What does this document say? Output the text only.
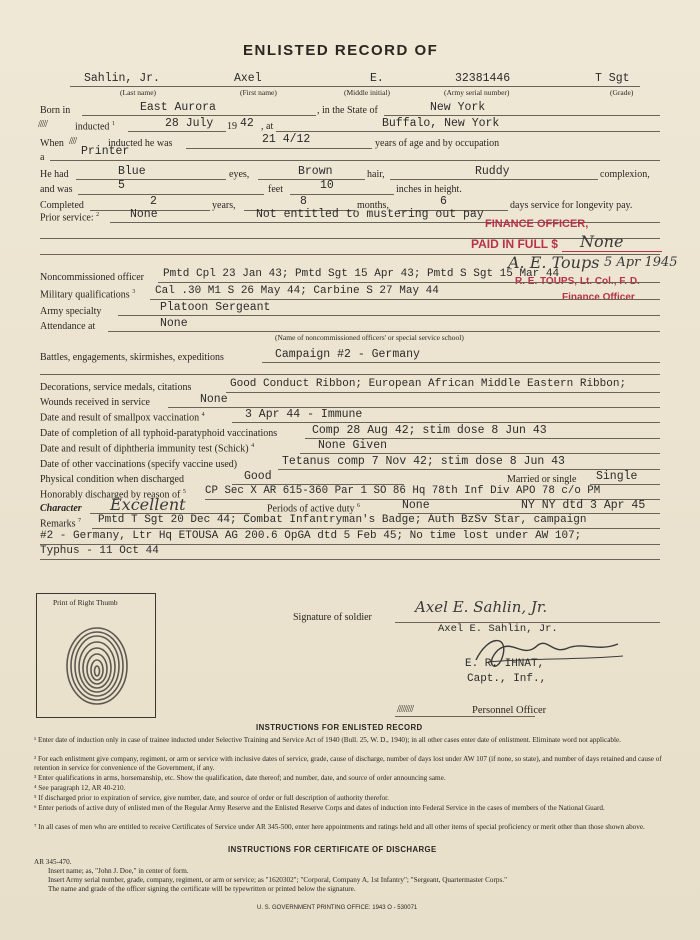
ENLISTED RECORD OF
Sahlin, Jr.	Axel	E.	32381446	T Sgt
(Last name)	(First name)	(Middle initial)	(Army serial number)	(Grade)
Born in	East Aurora	, in the State of	New York
/////	inducted $^1$	28 July 19 42 , at	Buffalo, New York
When ////	inducted he was	21 4/12	years of age and by occupation
a	Printer
He had	Blue	eyes,	Brown	hair,	Ruddy	complexion,
and was	5	feet	10	inches in height.
Completed	2	years,	8	months,	6	days service for longevity pay.
Prior service: $^2$	None	Not entitled to mustering out pay
FINANCE OFFICER,
PAID IN FULL $ None
A. E. Toups 5 Apr 1945
R. E. TOUPS, Lt. Col., F. D.
Finance Officer
Noncommissioned officer Pmtd Cpl 23 Jan 43; Pmtd Sgt 15 Apr 43; Pmtd S Sgt 15 Mar 44
Military qualifications $^3$ Cal .30 M1 S 26 May 44; Carbine S 27 May 44
Army specialty	Platoon Sergeant
Attendance at	None
(Name of noncommissioned officers' or special service school)
Battles, engagements, skirmishes, expeditions	Campaign #2 - Germany
Decorations, service medals, citations	Good Conduct Ribbon; European African Middle Eastern Ribbon;
Wounds received in service	None
Date and result of smallpox vaccination $^4$	3 Apr 44 - Immune
Date of completion of all typhoid-paratyphoid vaccinations	Comp 28 Aug 42; stim dose 8 Jun 43
Date and result of diphtheria immunity test (Schick) $^4$	None Given
Date of other vaccinations (specify vaccine used)	Tetanus comp 7 Nov 42; stim dose 8 Jun 43
Physical condition when discharged	Good	Married or single Single
Honorably discharged by reason of $^5$ CP Sec X AR 615-360 Par 1 SO 86 Hq 78th Inf Div APO 78 c/o PM
Character Excellent	Periods of active duty $^6$	None	NY NY dtd 3 Apr 45
Remarks $^7$ Pmtd T Sgt 20 Dec 44; Combat Infantryman's Badge; Auth BzSv Star, campaign
#2 - Germany, Ltr Hq ETOUSA AG 200.6 OpGA dtd 5 Feb 45; No time lost under AW 107;
Typhus - 11 Oct 44
Print of Right Thumb
Signature of soldier
Axel E. Sahlin, Jr.
Axel E. Sahlin, Jr.
E. R. IHNAT,
Capt., Inf.,
/////////	Personnel Officer
INSTRUCTIONS FOR ENLISTED RECORD
¹ Enter date of induction only in case of trainee inducted under Selective Training and Service Act of 1940 (Bull. 25, W. D., 1940); in all other cases enter date of enlistment. Eliminate word not applicable.
² For each enlistment give company, regiment, or arm or service with inclusive dates of service, grade, cause of discharge, number of days lost under AW 107 (if none, so state), and number of days retained and cause of retention in service for convenience of the Government, if any.
³ Enter qualifications in arms, horsemanship, etc. Show the qualification, date thereof; and number, date, and source of order announcing same.
⁴ See paragraph 12, AR 40-210.
⁵ If discharged prior to expiration of service, give number, date, and source of order or full description of authority therefor.
⁶ Enter periods of active duty of enlisted men of the Regular Army Reserve and the Enlisted Reserve Corps and dates of induction into Federal Service in the cases of members of the National Guard.
⁷ In all cases of men who are entitled to receive Certificates of Service under AR 345-500, enter here appointments and ratings held and all other items of special proficiency or merit other than those shown above.
INSTRUCTIONS FOR CERTIFICATE OF DISCHARGE
AR 345-470.
Insert name; as, "John J. Doe," in center of form.
Insert Army serial number, grade, company, regiment, or arm or service; as "1620302"; "Corporal, Company A, 1st Infantry"; "Sergeant, Quartermaster Corps."
The name and grade of the officer signing the certificate will be typewritten or printed below the signature.
U. S. GOVERNMENT PRINTING OFFICE: 1943 O - 530071
